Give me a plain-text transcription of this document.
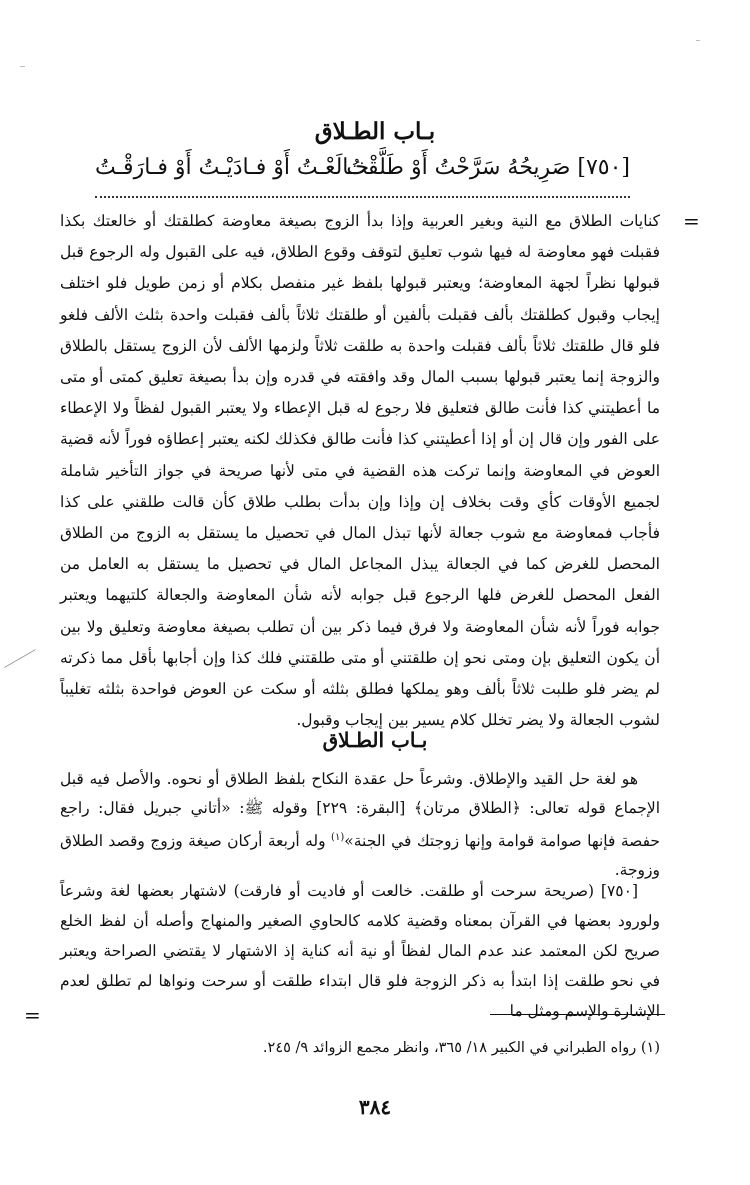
بـاب الطـلاق
[٧٥٠] صَرِيحُهُ سَرَّحْتُ أَوْ طَلَّقْتُ
خـالَعْـتُ أَوْ فـادَيْـتُ أَوْ فـارَقْـتُ
=
كنايات الطلاق مع النية وبغير العربية وإذا بدأ الزوج بصيغة معاوضة كطلقتك أو خالعتك بكذا فقبلت فهو معاوضة له فيها شوب تعليق لتوقف وقوع الطلاق، فيه على القبول وله الرجوع قبل قبولها نظراً لجهة المعاوضة؛ ويعتبر قبولها بلفظ غير منفصل بكلام أو زمن طويل فلو اختلف إيجاب وقبول كطلقتك بألف فقبلت بألفين أو طلقتك ثلاثاً بألف فقبلت واحدة بثلث الألف فلغو فلو قال طلقتك ثلاثاً بألف فقبلت واحدة به طلقت ثلاثاً ولزمها الألف لأن الزوج يستقل بالطلاق والزوجة إنما يعتبر قبولها بسبب المال وقد وافقته في قدره وإن بدأ بصيغة تعليق كمتى أو متى ما أعطيتني كذا فأنت طالق فتعليق فلا رجوع له قبل الإعطاء ولا يعتبر القبول لفظاً ولا الإعطاء على الفور وإن قال إن أو إذا أعطيتني كذا فأنت طالق فكذلك لكنه يعتبر إعطاؤه فوراً لأنه قضية العوض في المعاوضة وإنما تركت هذه القضية في متى لأنها صريحة في جواز التأخير شاملة لجميع الأوقات كأي وقت بخلاف إن وإذا وإن بدأت بطلب طلاق كأن قالت طلقني على كذا فأجاب فمعاوضة مع شوب جعالة لأنها تبذل المال في تحصيل ما يستقل به الزوج من الطلاق المحصل للغرض كما في الجعالة يبذل المجاعل المال في تحصيل ما يستقل به العامل من الفعل المحصل للغرض فلها الرجوع قبل جوابه لأنه شأن المعاوضة والجعالة كلتيهما ويعتبر جوابه فوراً لأنه شأن المعاوضة ولا فرق فيما ذكر بين أن تطلب بصيغة معاوضة وتعليق ولا بين أن يكون التعليق بإن ومتى نحو إن طلقتني أو متى طلقتني فلك كذا وإن أجابها بأقل مما ذكرته لم يضر فلو طلبت ثلاثاً بألف وهو يملكها فطلق بثلثه أو سكت عن العوض فواحدة بثلثه تغليباً لشوب الجعالة ولا يضر تخلل كلام يسير بين إيجاب وقبول.
بـاب الطـلاق
هو لغة حل القيد والإطلاق. وشرعاً حل عقدة النكاح بلفظ الطلاق أو نحوه. والأصل فيه قبل الإجماع قوله تعالى: ﴿الطلاق مرتان﴾ [البقرة: ٢٢٩] وقوله ﷺ: «أتاني جبريل فقال: راجع حفصة فإنها صوامة قوامة وإنها زوجتك في الجنة»$^{(١)}$ وله أربعة أركان صيغة وزوج وقصد الطلاق وزوجة.
[٧٥٠] (صريحة سرحت أو طلقت. خالعت أو فاديت أو فارقت) لاشتهار بعضها لغة وشرعاً ولورود بعضها في القرآن بمعناه وقضية كلامه كالحاوي الصغير والمنهاج وأصله أن لفظ الخلع صريح لكن المعتمد عند عدم المال لفظاً أو نية أنه كناية إذ الاشتهار لا يقتضي الصراحة ويعتبر في نحو طلقت إذا ابتدأ به ذكر الزوجة فلو قال ابتداء طلقت أو سرحت ونواها لم تطلق لعدم الإشارة والإسم ومثل ما
=
(١) رواه الطبراني في الكبير ١٨/ ٣٦٥، وانظر مجمع الزوائد ٩/ ٢٤٥.
٣٨٤
